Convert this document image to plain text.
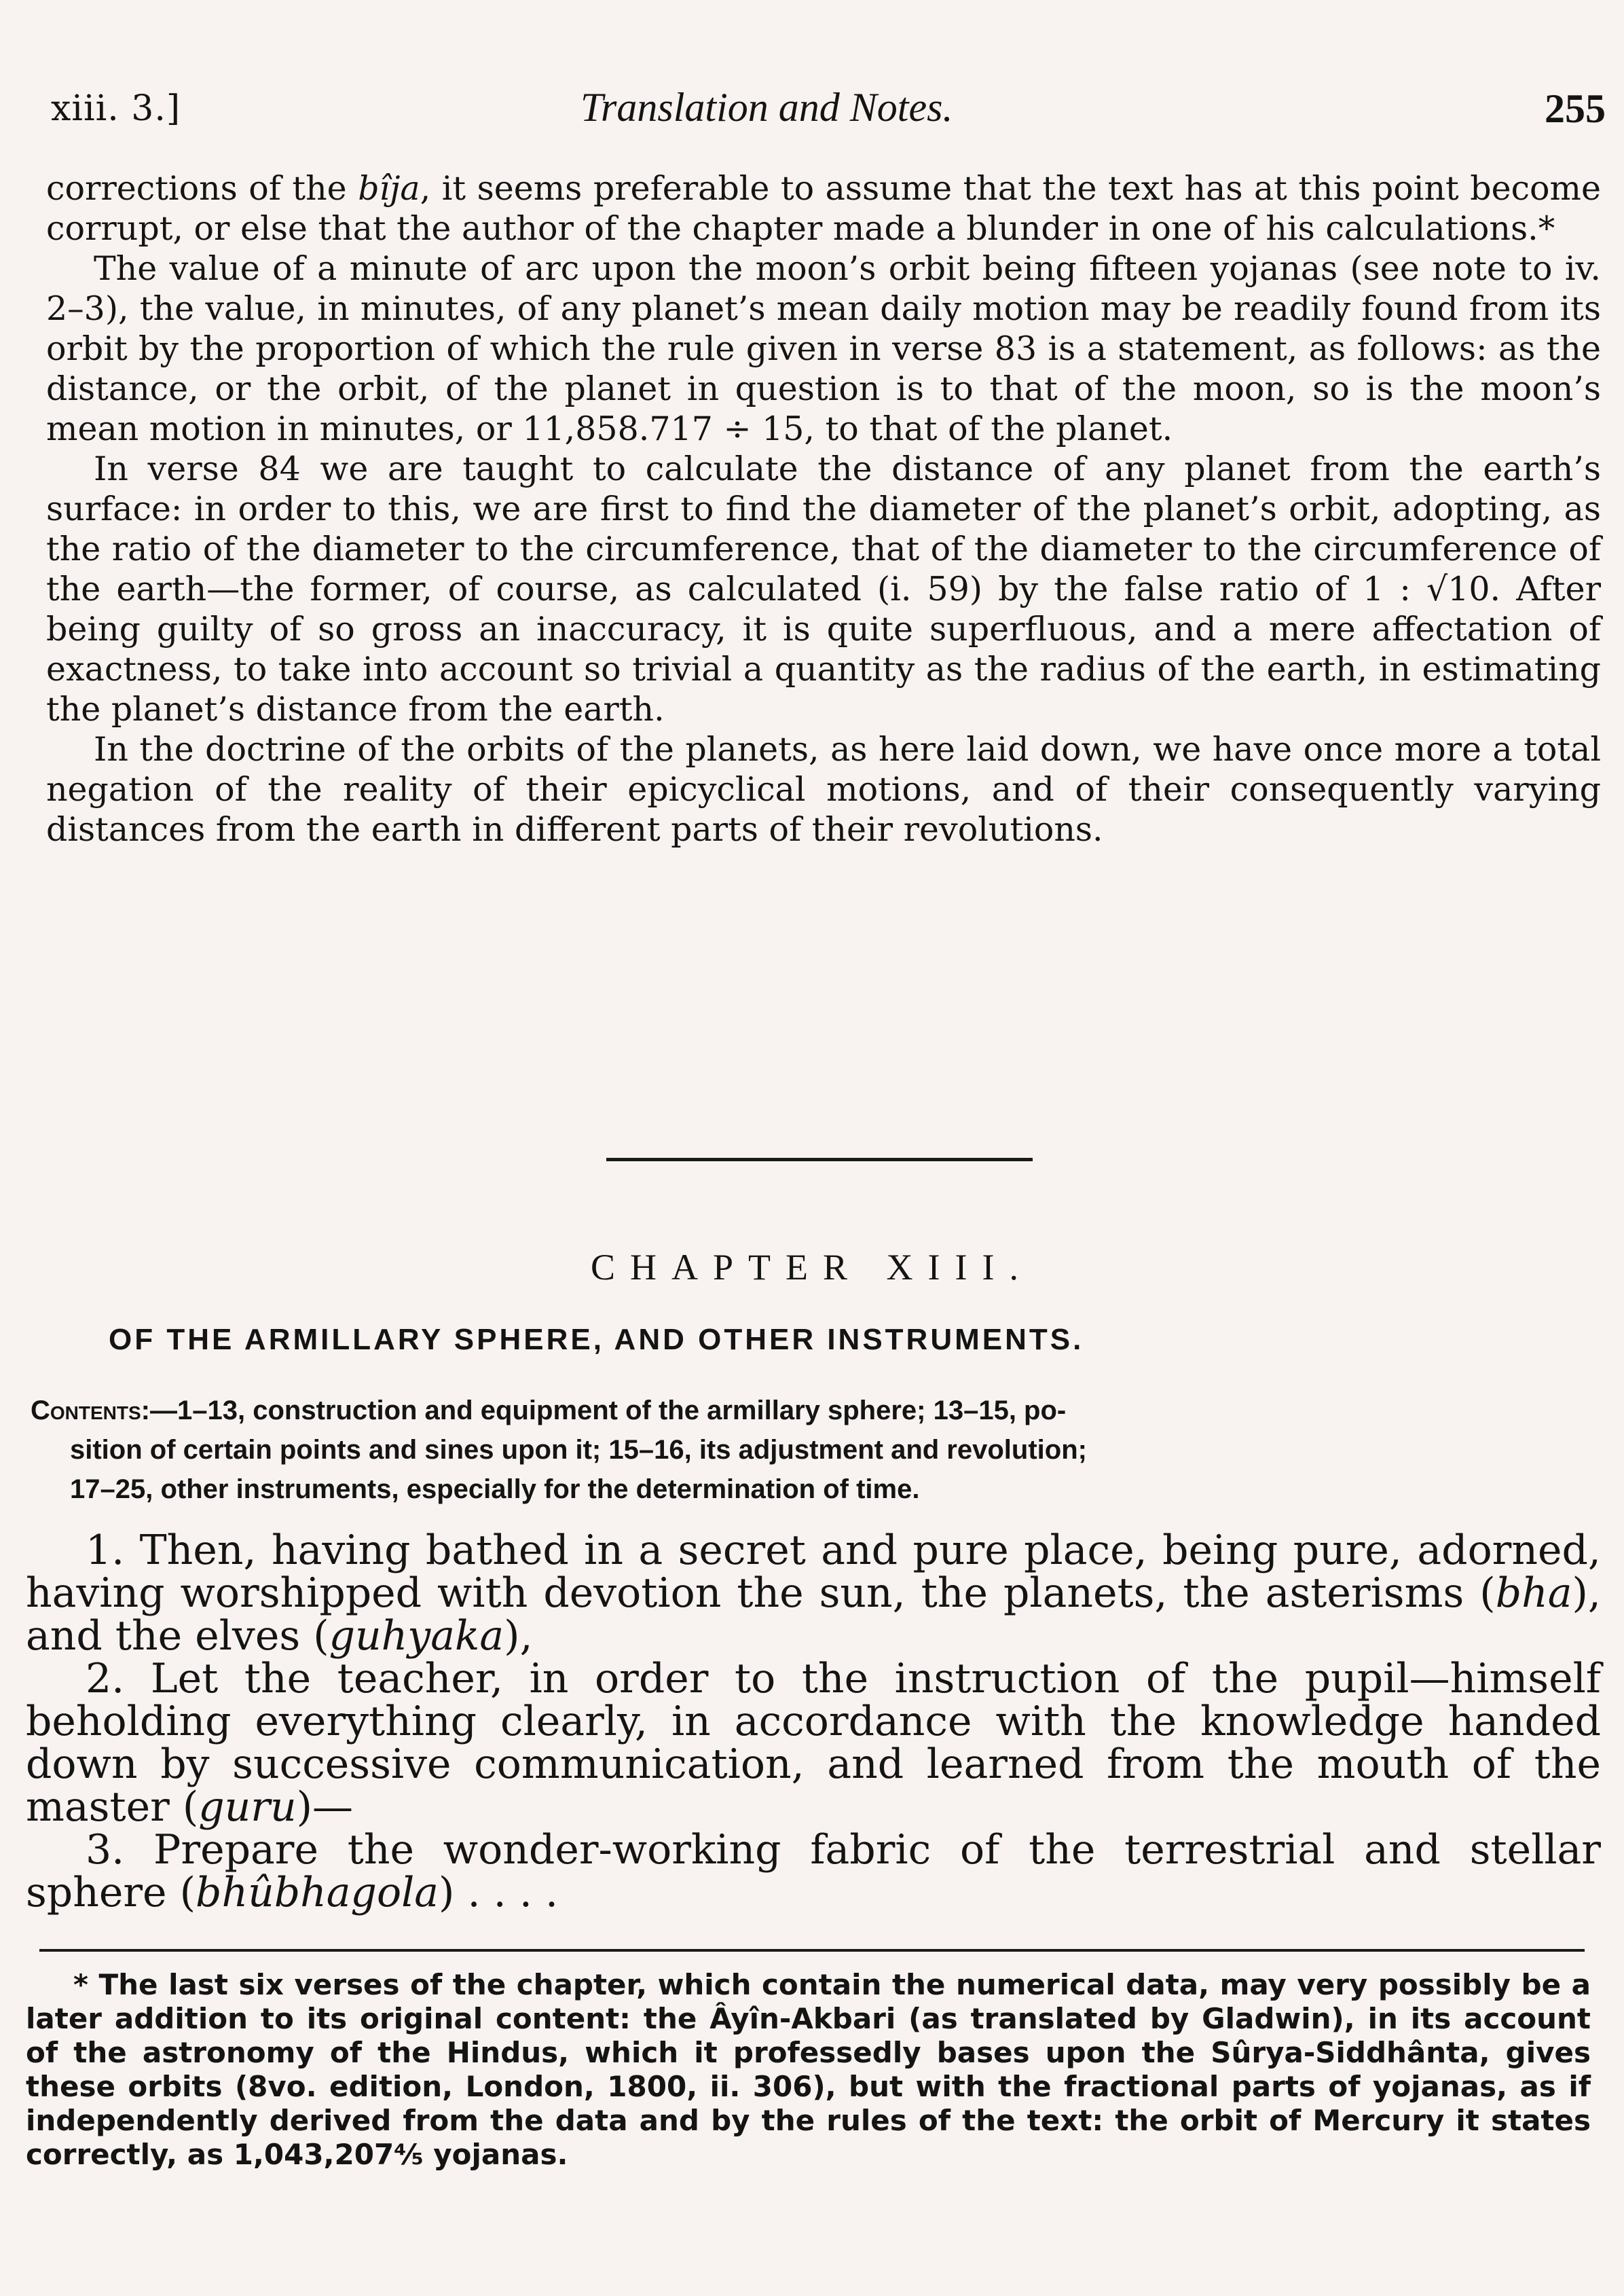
xiii. 3.]	Translation and Notes.	255

corrections of the bîja, it seems preferable to assume that the text has at this point become corrupt, or else that the author of the chapter made a blunder in one of his calculations.*

The value of a minute of arc upon the moon’s orbit being fifteen yojanas (see note to iv. 2–3), the value, in minutes, of any planet’s mean daily motion may be readily found from its orbit by the proportion of which the rule given in verse 83 is a statement, as follows: as the distance, or the orbit, of the planet in question is to that of the moon, so is the moon’s mean motion in minutes, or 11,858.717 ÷ 15, to that of the planet.

In verse 84 we are taught to calculate the distance of any planet from the earth’s surface: in order to this, we are first to find the diameter of the planet’s orbit, adopting, as the ratio of the diameter to the circumference, that of the diameter to the circumference of the earth—the former, of course, as calculated (i. 59) by the false ratio of 1 : √10. After being guilty of so gross an inaccuracy, it is quite superfluous, and a mere affectation of exactness, to take into account so trivial a quantity as the radius of the earth, in estimating the planet’s distance from the earth.

In the doctrine of the orbits of the planets, as here laid down, we have once more a total negation of the reality of their epicyclical motions, and of their consequently varying distances from the earth in different parts of their revolutions.

CHAPTER XIII.
OF THE ARMILLARY SPHERE, AND OTHER INSTRUMENTS.
Contents:—1–13, construction and equipment of the armillary sphere; 13–15, po-
sition of certain points and sines upon it; 15–16, its adjustment and revolution;
17–25, other instruments, especially for the determination of time.

1. Then, having bathed in a secret and pure place, being pure, adorned, having worshipped with devotion the sun, the planets, the asterisms (bha), and the elves (guhyaka),

2. Let the teacher, in order to the instruction of the pupil—himself beholding everything clearly, in accordance with the knowledge handed down by successive communication, and learned from the mouth of the master (guru)—

3. Prepare the wonder-working fabric of the terrestrial and stellar sphere (bhûbhagola) . . . .

* The last six verses of the chapter, which contain the numerical data, may very possibly be a later addition to its original content: the Âyîn-Akbari (as translated by Gladwin), in its account of the astronomy of the Hindus, which it professedly bases upon the Sûrya-Siddhânta, gives these orbits (8vo. edition, London, 1800, ii. 306), but with the fractional parts of yojanas, as if independently derived from the data and by the rules of the text: the orbit of Mercury it states correctly, as 1,043,207⅘ yojanas.
